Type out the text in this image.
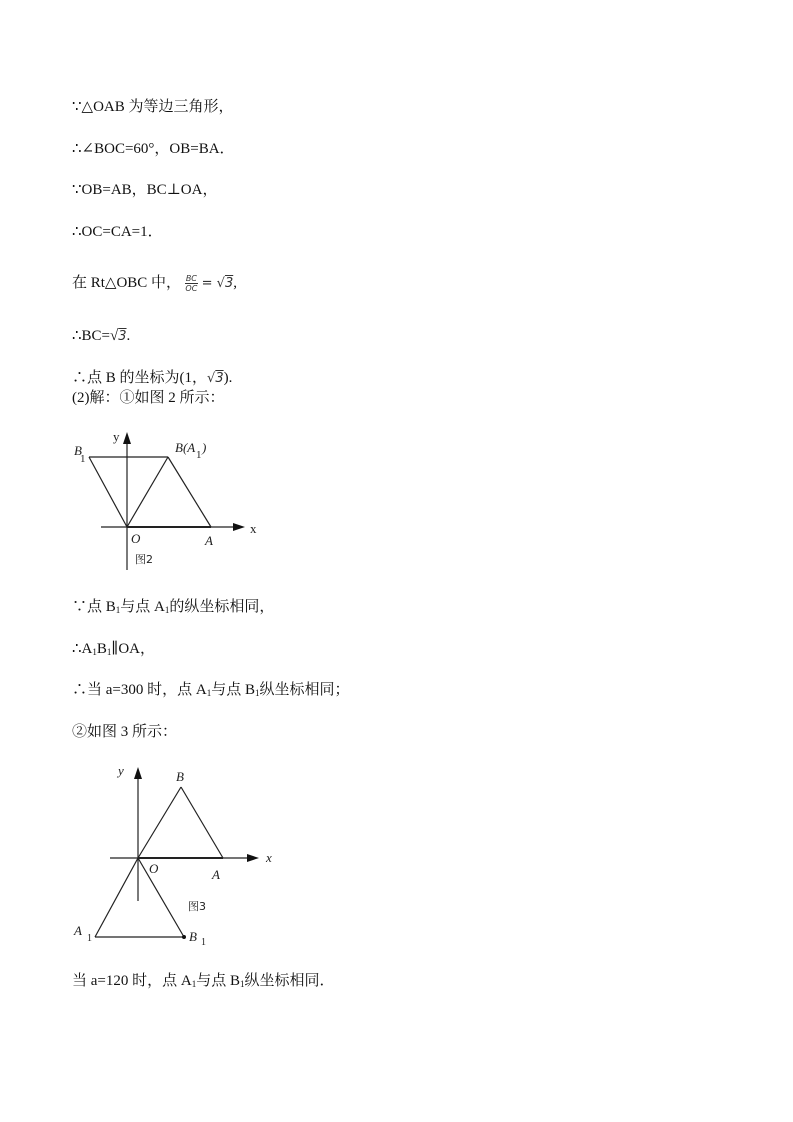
∵△OAB 为等边三角形，
∴∠BOC=60°，OB=BA．
∵OB=AB，BC⊥OA，
∴OC=CA=1．
在 Rt△OBC 中， $\frac{BC}{OC} = √3$,
∴BC=√3.
∴点 B 的坐标为(1，√3).
(2)解：①如图 2 所示：
y
x
O	A
B
1
B(A 1 )
图2
∵点 $B_1$与点 $A_1$的纵坐标相同，
$\therefore A_1B_1\parallel OA$，
∴当 a=300 时，点 $A_1$与点 $B_1$纵坐标相同；
②如图 3 所示：
y
x
O	A
B
A
1	B 1
图3
当 a=120 时，点 $A_1$与点 $B_1$纵坐标相同．
